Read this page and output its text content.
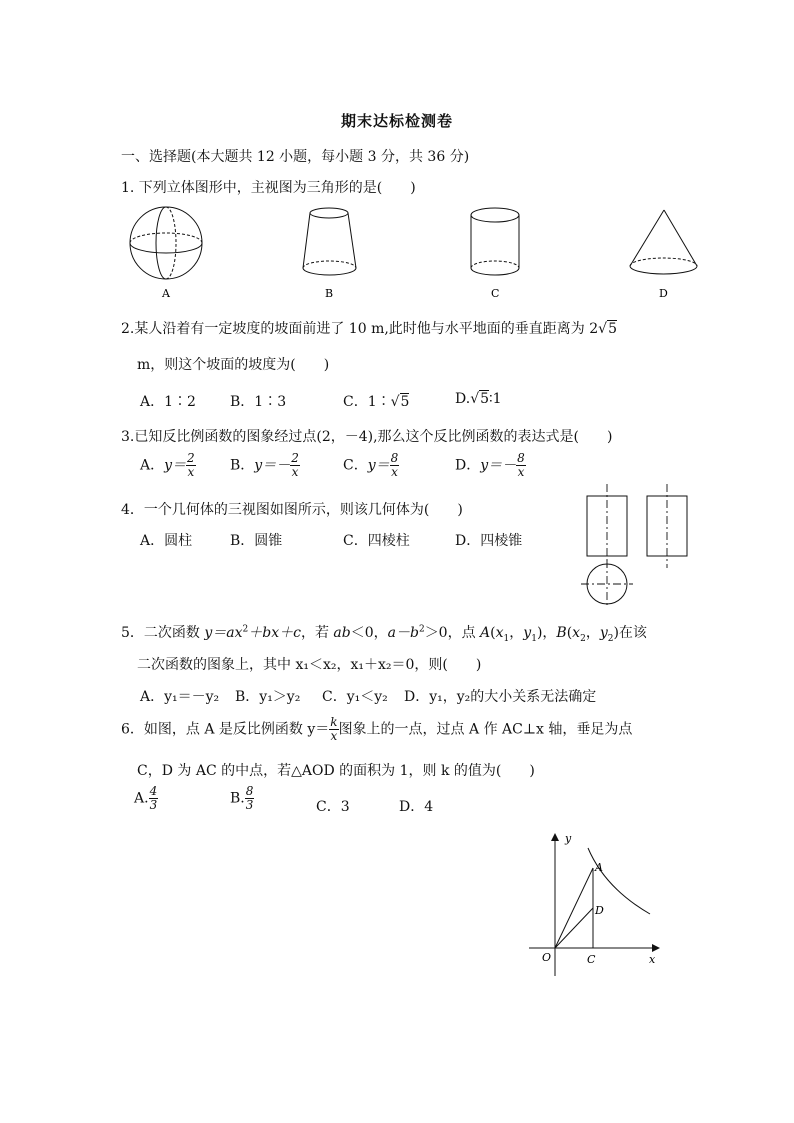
期末达标检测卷
一、选择题(本大题共 12 小题，每小题 3 分，共 36 分)
1. 下列立体图形中，主视图为三角形的是(　　)
A	B	C	D
2.某人沿着有一定坡度的坡面前进了 10 m,此时他与水平地面的垂直距离为 2√5
m，则这个坡面的坡度为(　　)
A．1∶2 B．1∶3	C．1∶√5	D.√5∶1
3.已知反比例函数的图象经过点(2，－4),那么这个反比例函数的表达式是(　　)
A．$y= \frac{2}{x}$ B．$y=- \frac{2}{x}$	C．$y= \frac{8}{x}$	D．$y=- \frac{8}{x}$
4．一个几何体的三视图如图所示，则该几何体为(　　)
A．圆柱	B．圆锥	C．四棱柱	D．四棱锥
5．二次函数 $y=ax^2+bx+c$，若 ab＜0，$a-b^2>0$，点 $A(x_1$，$y_1$)，$B(x_2$，$y_2$)在该
二次函数的图象上，其中 x₁＜x₂，x₁＋x₂＝0，则(　　)
A．y₁＝－y₂ B．y₁＞y₂ C．y₁＜y₂ D．y₁，y₂的大小关系无法确定
6．如图，点 A 是反比例函数 $y= \frac{k}{x}$ 图象上的一点，过点 A 作 AC⊥x 轴，垂足为点
C，D 为 AC 的中点，若△AOD 的面积为 1，则 k 的值为(　　)
A. $\frac{4}{3}$	B. $\frac{8}{3}$	C．3	D．4
y
x
O
A
C
D
